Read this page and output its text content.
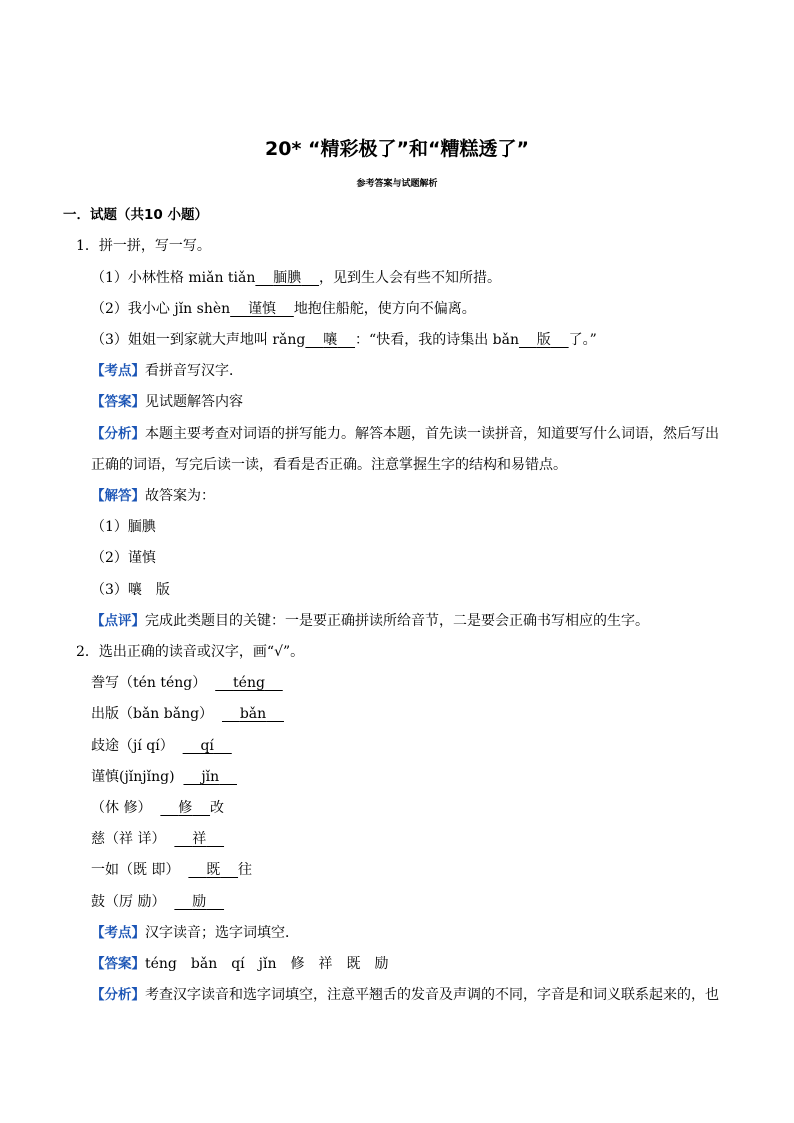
20* “精彩极了”和“糟糕透了”
参考答案与试题解析
一．试题（共10 小题）
1．拼一拼，写一写。
（1）小林性格 miǎn tiǎn   腼腆   ，见到生人会有些不知所措。
（2）我小心 jǐn shèn   谨慎   地抱住船舵，使方向不偏离。
（3）姐姐一到家就大声地叫 rǎng   嚷   ：“快看，我的诗集出 bǎn   版   了。”
【考点】看拼音写汉字．
【答案】见试题解答内容
【分析】本题主要考查对词语的拼写能力。解答本题，首先读一读拼音，知道要写什么词语，然后写出
正确的词语，写完后读一读，看看是否正确。注意掌握生字的结构和易错点。
【解答】故答案为：
（1）腼腆
（2）谨慎
（3）嚷　版
【点评】完成此类题目的关键：一是要正确拼读所给音节，二是要会正确书写相应的生字。
2．选出正确的读音或汉字，画“√”。
誊写（tén téng）    téng  
出版（bǎn bǎng）    bǎn  
歧途（jí qí）    qí  
谨慎(jǐnjǐng)    jǐn  
（休 修）    修   改
慈（祥 详）    祥  
一如（既 即）    既   往
鼓（厉 励）    励  
【考点】汉字读音；选字词填空．
【答案】téng　bǎn　qí　jǐn　修　祥　既　励
【分析】考查汉字读音和选字词填空，注意平翘舌的发音及声调的不同，字音是和词义联系起来的，也
